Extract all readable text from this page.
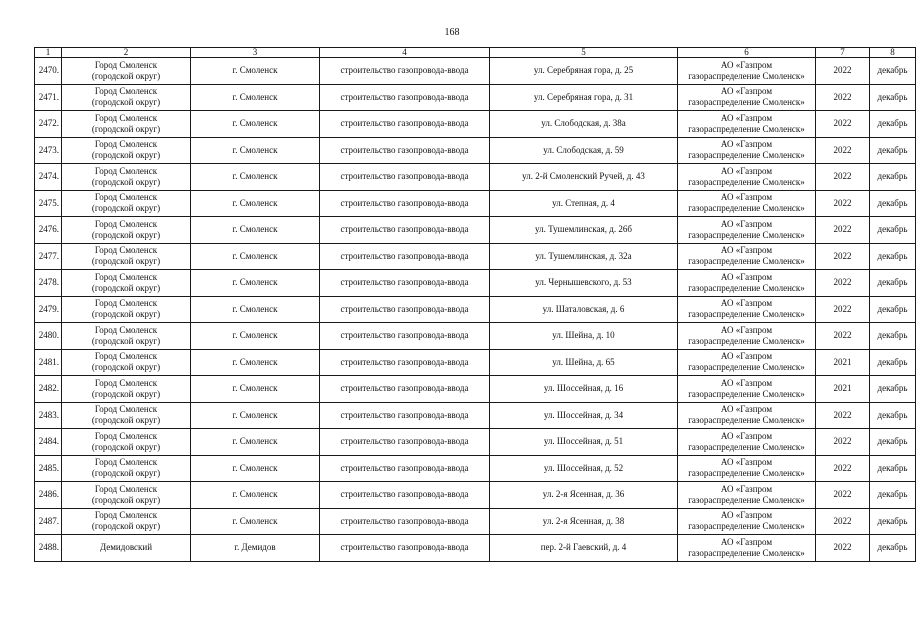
168
1	2	3	4	5	6	7	8
2470.	Город Смоленск
(городской округ)	г. Смоленск	строительство газопровода-ввода	ул. Серебряная гора, д. 25	АО «Газпром
газораспределение Смоленск»	2022	декабрь
2471.	Город Смоленск
(городской округ)	г. Смоленск	строительство газопровода-ввода	ул. Серебряная гора, д. 31	АО «Газпром
газораспределение Смоленск»	2022	декабрь
2472.	Город Смоленск
(городской округ)	г. Смоленск	строительство газопровода-ввода	ул. Слободская, д. 38а	АО «Газпром
газораспределение Смоленск»	2022	декабрь
2473.	Город Смоленск
(городской округ)	г. Смоленск	строительство газопровода-ввода	ул. Слободская, д. 59	АО «Газпром
газораспределение Смоленск»	2022	декабрь
2474.	Город Смоленск
(городской округ)	г. Смоленск	строительство газопровода-ввода	ул. 2-й Смоленский Ручей, д. 43	АО «Газпром
газораспределение Смоленск»	2022	декабрь
2475.	Город Смоленск
(городской округ)	г. Смоленск	строительство газопровода-ввода	ул. Степная, д. 4	АО «Газпром
газораспределение Смоленск»	2022	декабрь
2476.	Город Смоленск
(городской округ)	г. Смоленск	строительство газопровода-ввода	ул. Тушемлинская, д. 26б	АО «Газпром
газораспределение Смоленск»	2022	декабрь
2477.	Город Смоленск
(городской округ)	г. Смоленск	строительство газопровода-ввода	ул. Тушемлинская, д. 32а	АО «Газпром
газораспределение Смоленск»	2022	декабрь
2478.	Город Смоленск
(городской округ)	г. Смоленск	строительство газопровода-ввода	ул. Чернышевского, д. 53	АО «Газпром
газораспределение Смоленск»	2022	декабрь
2479.	Город Смоленск
(городской округ)	г. Смоленск	строительство газопровода-ввода	ул. Шаталовская, д. 6	АО «Газпром
газораспределение Смоленск»	2022	декабрь
2480.	Город Смоленск
(городской округ)	г. Смоленск	строительство газопровода-ввода	ул. Шейна, д. 10	АО «Газпром
газораспределение Смоленск»	2022	декабрь
2481.	Город Смоленск
(городской округ)	г. Смоленск	строительство газопровода-ввода	ул. Шейна, д. 65	АО «Газпром
газораспределение Смоленск»	2021	декабрь
2482.	Город Смоленск
(городской округ)	г. Смоленск	строительство газопровода-ввода	ул. Шоссейная, д. 16	АО «Газпром
газораспределение Смоленск»	2021	декабрь
2483.	Город Смоленск
(городской округ)	г. Смоленск	строительство газопровода-ввода	ул. Шоссейная, д. 34	АО «Газпром
газораспределение Смоленск»	2022	декабрь
2484.	Город Смоленск
(городской округ)	г. Смоленск	строительство газопровода-ввода	ул. Шоссейная, д. 51	АО «Газпром
газораспределение Смоленск»	2022	декабрь
2485.	Город Смоленск
(городской округ)	г. Смоленск	строительство газопровода-ввода	ул. Шоссейная, д. 52	АО «Газпром
газораспределение Смоленск»	2022	декабрь
2486.	Город Смоленск
(городской округ)	г. Смоленск	строительство газопровода-ввода	ул. 2-я Ясенная, д. 36	АО «Газпром
газораспределение Смоленск»	2022	декабрь
2487.	Город Смоленск
(городской округ)	г. Смоленск	строительство газопровода-ввода	ул. 2-я Ясенная, д. 38	АО «Газпром
газораспределение Смоленск»	2022	декабрь
2488.	Демидовский	г. Демидов	строительство газопровода-ввода	пер. 2-й Гаевский, д. 4	АО «Газпром
газораспределение Смоленск»	2022	декабрь
